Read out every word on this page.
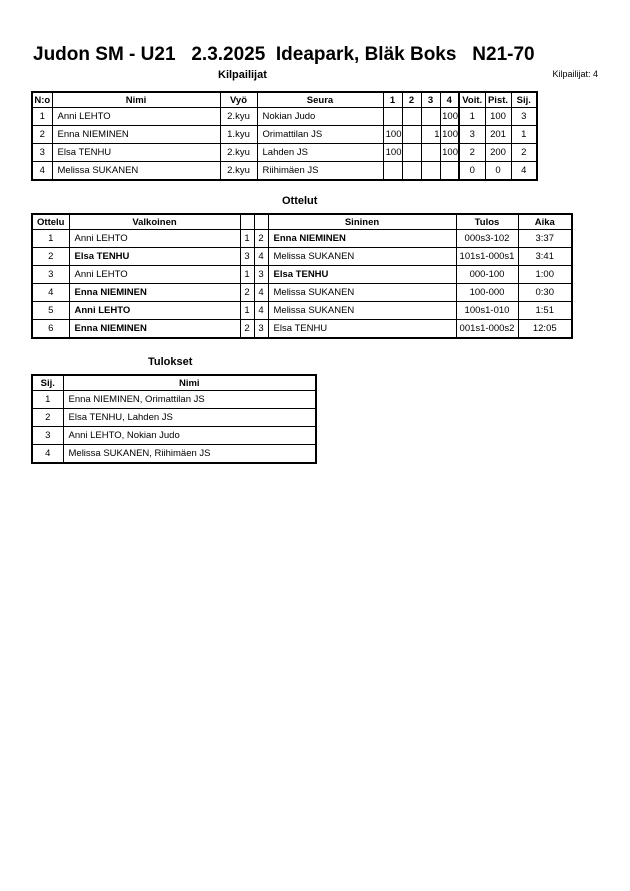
Judon SM - U21   2.3.2025  Ideapark, Bläk Boks   N21-70
Kilpailijat	Kilpailijat: 4
N:o	Nimi	Vyö	Seura	1	2	3	4	Voit.	Pist.	Sij.
1	Anni LEHTO	2.kyu	Nokian Judo				100	1	100	3
2	Enna NIEMINEN	1.kyu	Orimattilan JS	100		1	100	3	201	1
3	Elsa TENHU	2.kyu	Lahden JS	100			100	2	200	2
4	Melissa SUKANEN	2.kyu	Riihimäen JS					0	0	4
Ottelut
Ottelu	Valkoinen			Sininen	Tulos	Aika
1	Anni LEHTO	1	2	Enna NIEMINEN	000s3-102	3:37
2	Elsa TENHU	3	4	Melissa SUKANEN	101s1-000s1	3:41
3	Anni LEHTO	1	3	Elsa TENHU	000-100	1:00
4	Enna NIEMINEN	2	4	Melissa SUKANEN	100-000	0:30
5	Anni LEHTO	1	4	Melissa SUKANEN	100s1-010	1:51
6	Enna NIEMINEN	2	3	Elsa TENHU	001s1-000s2	12:05
Tulokset
Sij.	Nimi
1	Enna NIEMINEN, Orimattilan JS
2	Elsa TENHU, Lahden JS
3	Anni LEHTO, Nokian Judo
4	Melissa SUKANEN, Riihimäen JS
